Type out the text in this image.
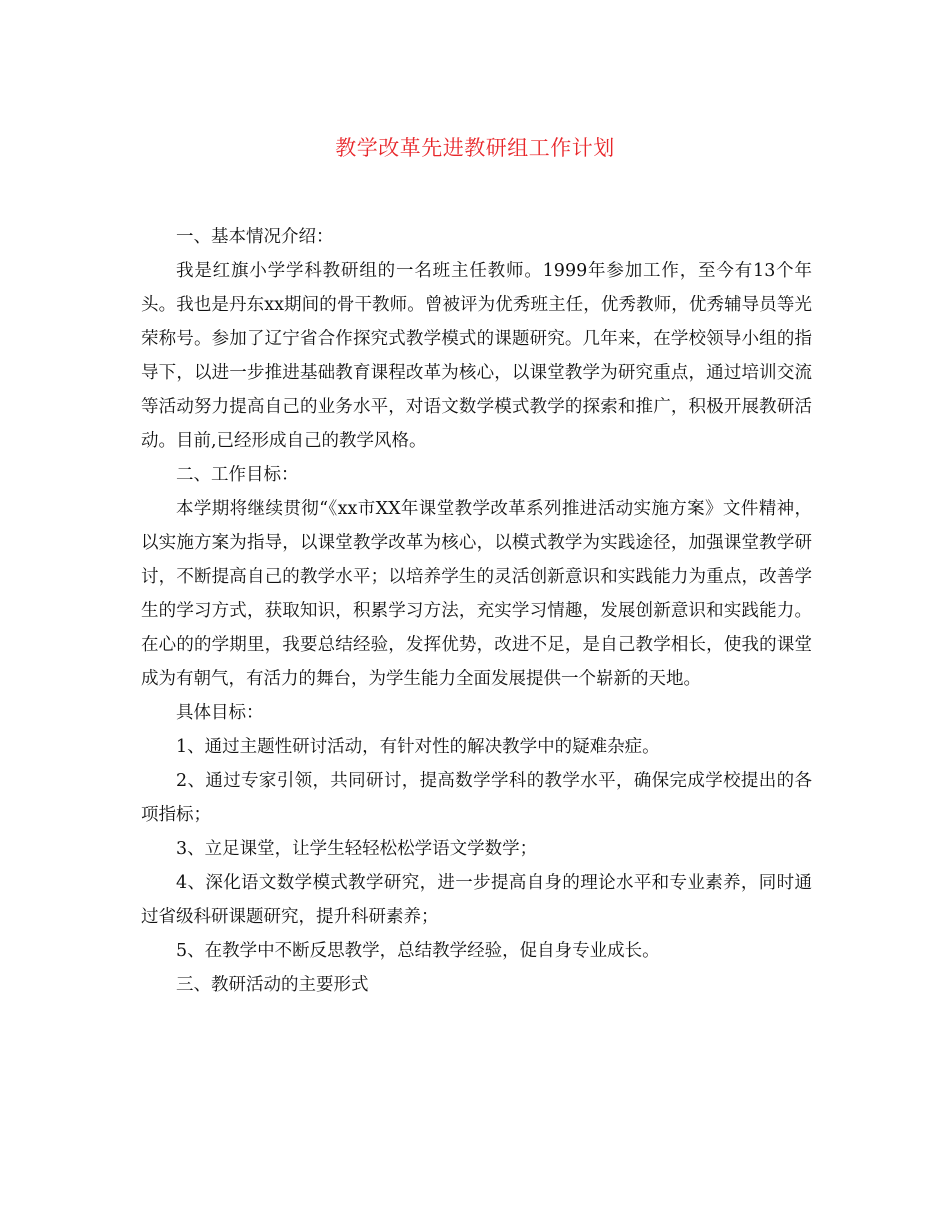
教学改革先进教研组工作计划

一、基本情况介绍：

我是红旗小学学科教研组的一名班主任教师。1999年参加工作，至今有13个年头。我也是丹东xx期间的骨干教师。曾被评为优秀班主任，优秀教师，优秀辅导员等光荣称号。参加了辽宁省合作探究式教学模式的课题研究。几年来，在学校领导小组的指导下，以进一步推进基础教育课程改革为核心，以课堂教学为研究重点，通过培训交流等活动努力提高自己的业务水平，对语文数学模式教学的探索和推广，积极开展教研活动。目前,已经形成自己的教学风格。

二、工作目标：

本学期将继续贯彻“《xx市XX年课堂教学改革系列推进活动实施方案》文件精神，以实施方案为指导，以课堂教学改革为核心，以模式教学为实践途径，加强课堂教学研讨，不断提高自己的教学水平；以培养学生的灵活创新意识和实践能力为重点，改善学生的学习方式，获取知识，积累学习方法，充实学习情趣，发展创新意识和实践能力。在心的的学期里，我要总结经验，发挥优势，改进不足，是自己教学相长，使我的课堂成为有朝气，有活力的舞台，为学生能力全面发展提供一个崭新的天地。

具体目标：

1、通过主题性研讨活动，有针对性的解决教学中的疑难杂症。

2、通过专家引领，共同研讨，提高数学学科的教学水平，确保完成学校提出的各项指标；

3、立足课堂，让学生轻轻松松学语文学数学；

4、深化语文数学模式教学研究，进一步提高自身的理论水平和专业素养，同时通过省级科研课题研究，提升科研素养；

5、在教学中不断反思教学，总结教学经验，促自身专业成长。

三、教研活动的主要形式
